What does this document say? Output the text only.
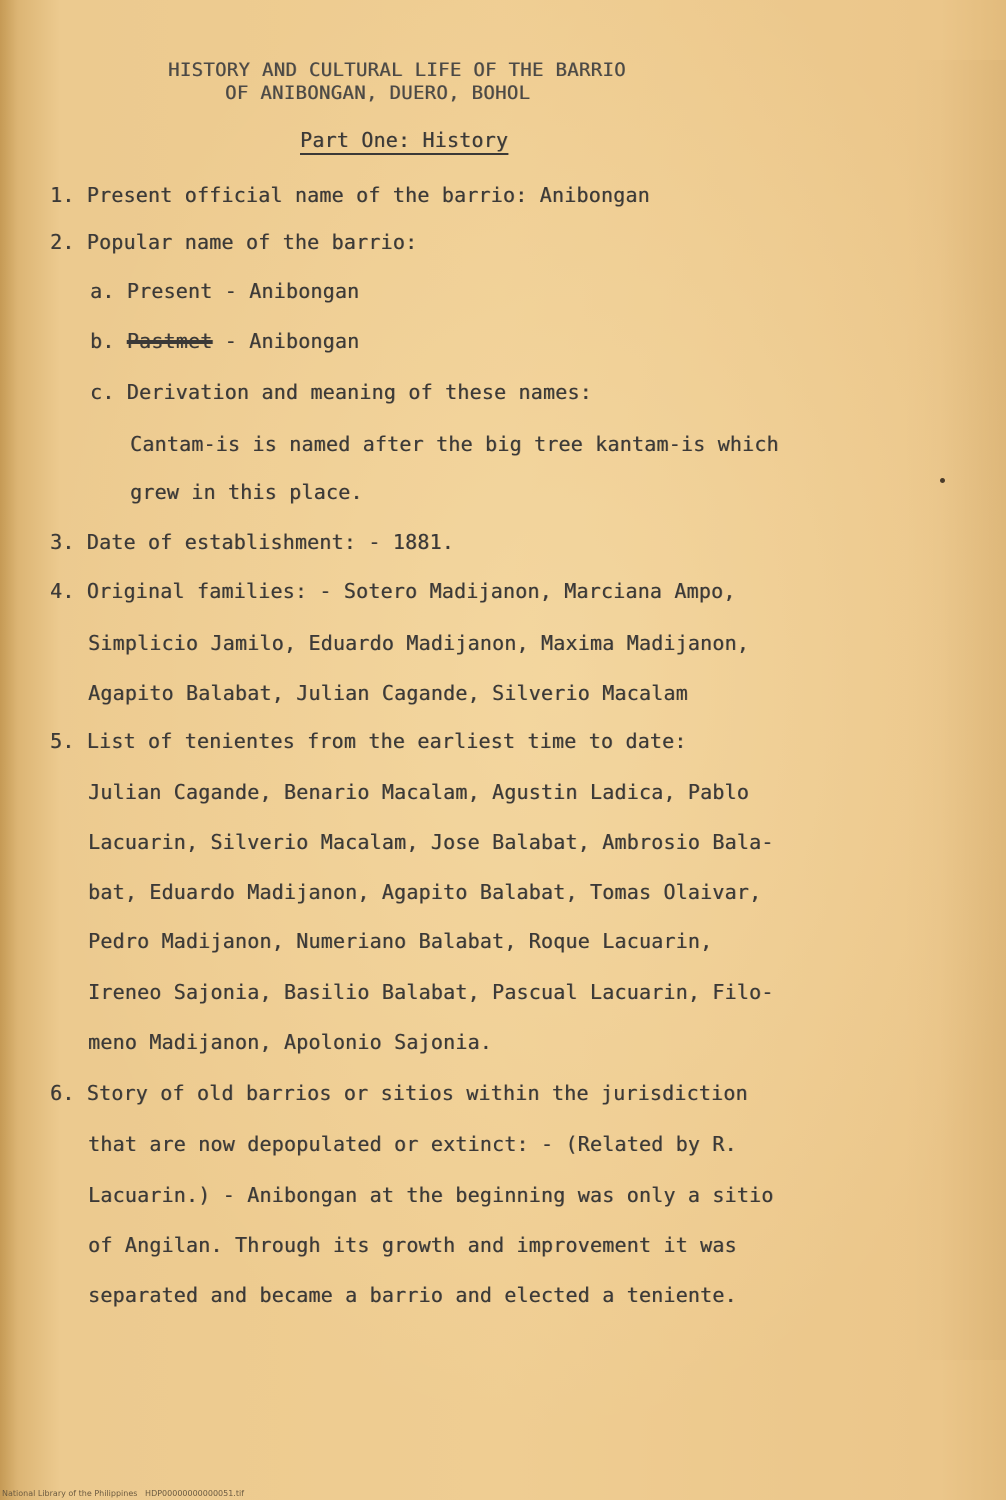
HISTORY AND CULTURAL LIFE OF THE BARRIO
OF ANIBONGAN, DUERO, BOHOL
Part One: History
1. Present official name of the barrio: Anibongan
2. Popular name of the barrio:
a. Present - Anibongan
b. Pastmet - Anibongan
c. Derivation and meaning of these names:
Cantam-is is named after the big tree kantam-is which
grew in this place.
3. Date of establishment: - 1881.
4. Original families: - Sotero Madijanon, Marciana Ampo,
Simplicio Jamilo, Eduardo Madijanon, Maxima Madijanon,
Agapito Balabat, Julian Cagande, Silverio Macalam
5. List of tenientes from the earliest time to date:
Julian Cagande, Benario Macalam, Agustin Ladica, Pablo
Lacuarin, Silverio Macalam, Jose Balabat, Ambrosio Bala-
bat, Eduardo Madijanon, Agapito Balabat, Tomas Olaivar,
Pedro Madijanon, Numeriano Balabat, Roque Lacuarin,
Ireneo Sajonia, Basilio Balabat, Pascual Lacuarin, Filo-
meno Madijanon, Apolonio Sajonia.
6. Story of old barrios or sitios within the jurisdiction
that are now depopulated or extinct: - (Related by R.
Lacuarin.) - Anibongan at the beginning was only a sitio
of Angilan. Through its growth and improvement it was
separated and became a barrio and elected a teniente.
National Library of the Philippines   HDP00000000000051.tif
